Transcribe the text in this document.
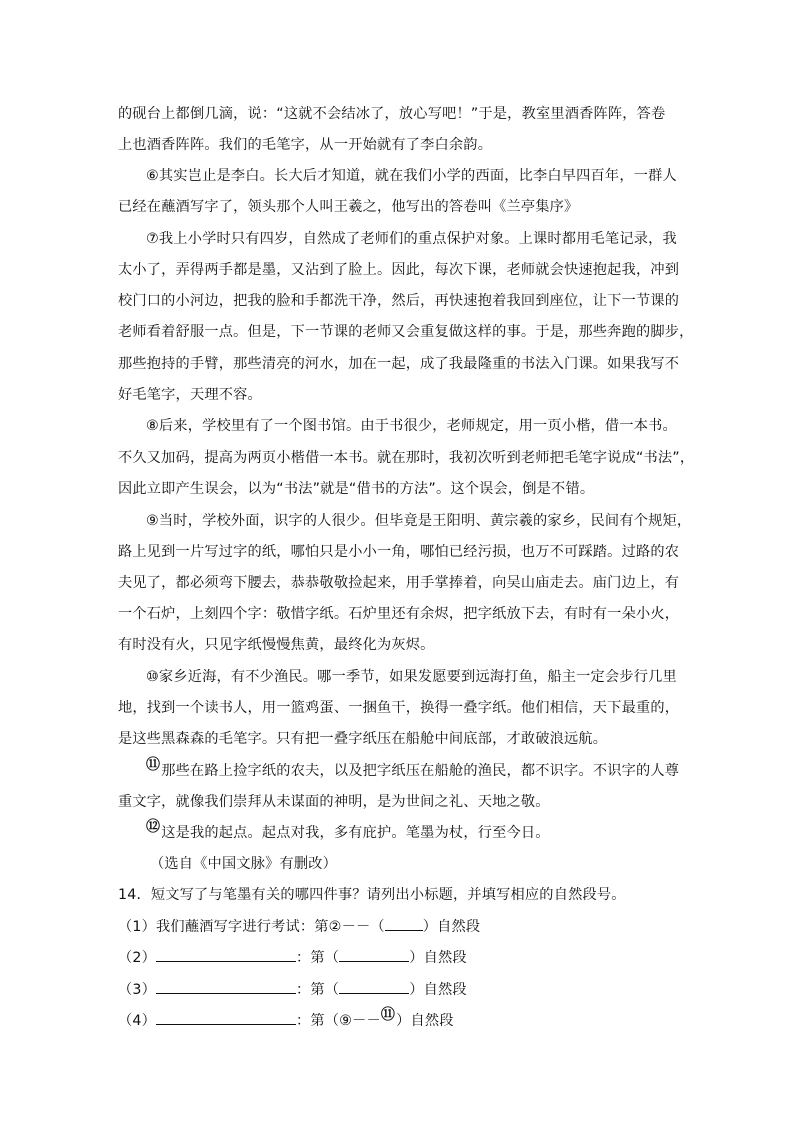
的砚台上都倒几滴，说：“这就不会结冰了，放心写吧！”于是，教室里酒香阵阵，答卷
上也酒香阵阵。我们的毛笔字，从一开始就有了李白余韵。
⑥其实岂止是李白。长大后才知道，就在我们小学的西面，比李白早四百年，一群人
已经在蘸酒写字了，领头那个人叫王羲之，他写出的答卷叫《兰亭集序》
⑦我上小学时只有四岁，自然成了老师们的重点保护对象。上课时都用毛笔记录，我
太小了，弄得两手都是墨，又沾到了脸上。因此，每次下课，老师就会快速抱起我，冲到
校门口的小河边，把我的脸和手都洗干净，然后，再快速抱着我回到座位，让下一节课的
老师看着舒服一点。但是，下一节课的老师又会重复做这样的事。于是，那些奔跑的脚步，
那些抱持的手臂，那些清亮的河水，加在一起，成了我最隆重的书法入门课。如果我写不
好毛笔字，天理不容。
⑧后来，学校里有了一个图书馆。由于书很少，老师规定，用一页小楷，借一本书。
不久又加码，提高为两页小楷借一本书。就在那时，我初次听到老师把毛笔字说成“书法”，
因此立即产生误会，以为“书法”就是“借书的方法”。这个误会，倒是不错。
⑨当时，学校外面，识字的人很少。但毕竟是王阳明、黄宗羲的家乡，民间有个规矩，
路上见到一片写过字的纸，哪怕只是小小一角，哪怕已经污损，也万不可踩踏。过路的农
夫见了，都必须弯下腰去，恭恭敬敬捡起来，用手掌捧着，向吴山庙走去。庙门边上，有
一个石炉，上刻四个字：敬惜字纸。石炉里还有余烬，把字纸放下去，有时有一朵小火，
有时没有火，只见字纸慢慢焦黄，最终化为灰烬。
⑩家乡近海，有不少渔民。哪一季节，如果发愿要到远海打鱼，船主一定会步行几里
地，找到一个读书人，用一篮鸡蛋、一捆鱼干，换得一叠字纸。他们相信，天下最重的，
是这些黑森森的毛笔字。只有把一叠字纸压在船舱中间底部，才敢破浪远航。
⑪那些在路上捡字纸的农夫，以及把字纸压在船舱的渔民，都不识字。不识字的人尊
重文字，就像我们崇拜从未谋面的神明，是为世间之礼、天地之敬。
⑫这是我的起点。起点对我，多有庇护。笔墨为杖，行至今日。
（选自《中国文脉》有删改）
14．短文写了与笔墨有关的哪四件事？请列出小标题，并填写相应的自然段号。
（1）我们蘸酒写字进行考试：第②－－（	）自然段
（2）	：第（	）自然段
（3）	：第（	）自然段
（4）	：第（⑨－－⑪）自然段
